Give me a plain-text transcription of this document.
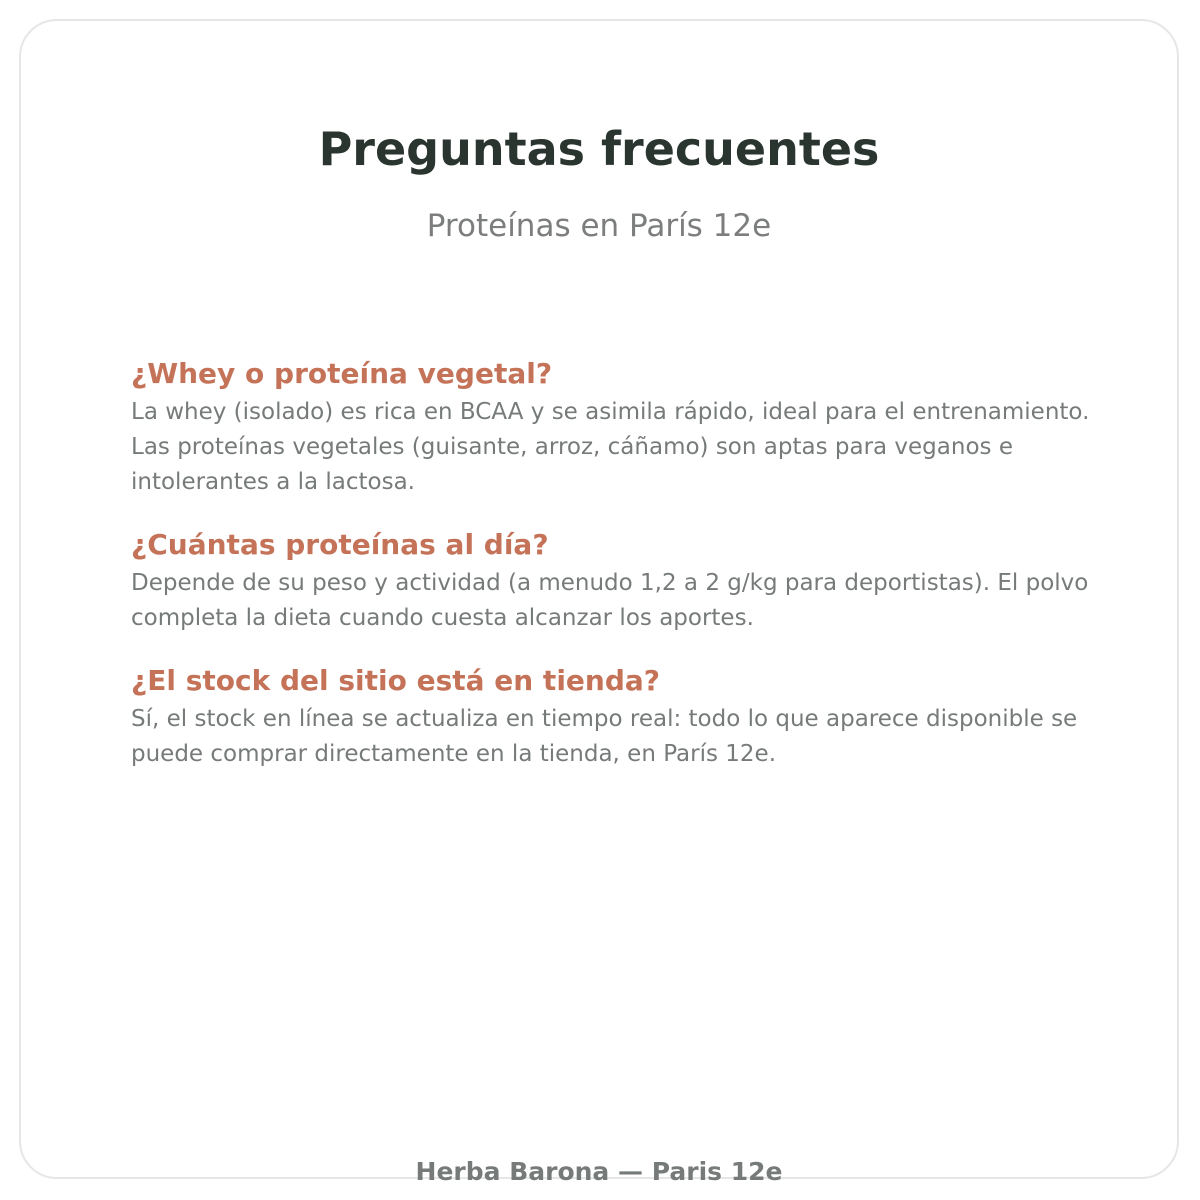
Preguntas frecuentes

Proteínas en París 12e

¿Whey o proteína vegetal?

La whey (isolado) es rica en BCAA y se asimila rápido, ideal para el entrenamiento. Las proteínas vegetales (guisante, arroz, cáñamo) son aptas para veganos e intolerantes a la lactosa.

¿Cuántas proteínas al día?

Depende de su peso y actividad (a menudo 1,2 a 2 g/kg para deportistas). El polvo completa la dieta cuando cuesta alcanzar los aportes.

¿El stock del sitio está en tienda?

Sí, el stock en línea se actualiza en tiempo real: todo lo que aparece disponible se puede comprar directamente en la tienda, en París 12e.

Herba Barona — Paris 12e
